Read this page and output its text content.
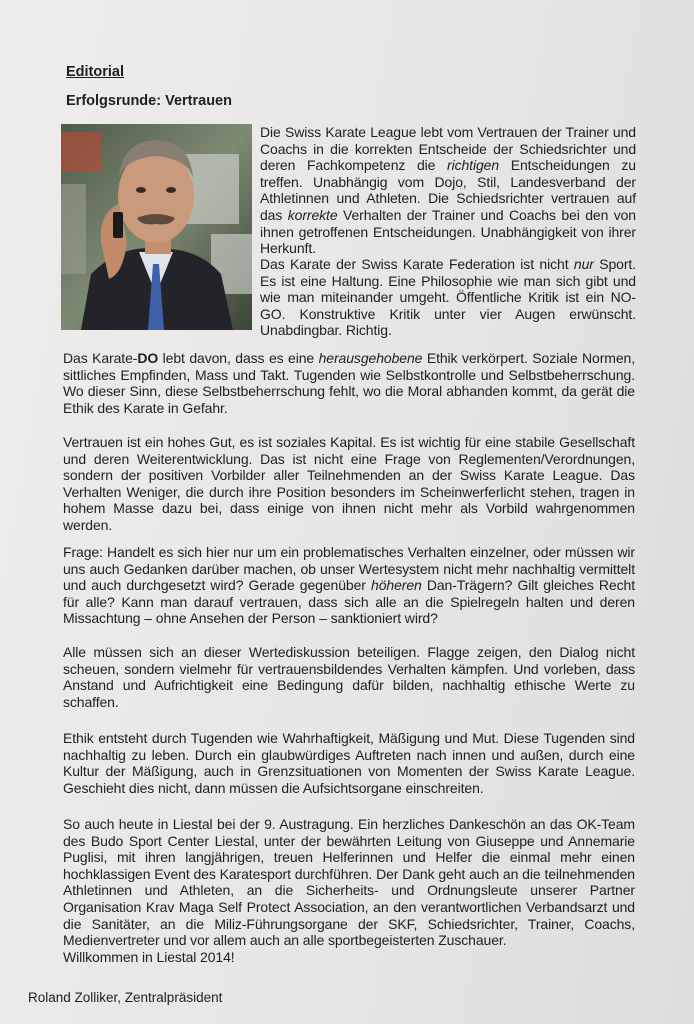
Editorial
Erfolgsrunde: Vertrauen

Die Swiss Karate League lebt vom Vertrauen der Trainer und Coachs in die korrekten Entscheide der Schiedsrichter und deren Fachkompetenz die richtigen Entscheidungen zu treffen. Unabhängig vom Dojo, Stil, Landesverband der Athletinnen und Athleten. Die Schiedsrichter vertrauen auf das korrekte Verhalten der Trainer und Coachs bei den von ihnen getroffenen Entscheidungen. Unabhängigkeit von ihrer Herkunft.

Das Karate der Swiss Karate Federation ist nicht nur Sport. Es ist eine Haltung. Eine Philosophie wie man sich gibt und wie man miteinander umgeht. Öffentliche Kritik ist ein NO-GO. Konstruktive Kritik unter vier Augen erwünscht. Unabdingbar. Richtig.

Das Karate-DO lebt davon, dass es eine herausgehobene Ethik verkörpert. Soziale Normen, sittliches Empfinden, Mass und Takt. Tugenden wie Selbstkontrolle und Selbstbeherrschung. Wo dieser Sinn, diese Selbstbeherrschung fehlt, wo die Moral abhanden kommt, da gerät die Ethik des Karate in Gefahr.

Vertrauen ist ein hohes Gut, es ist soziales Kapital. Es ist wichtig für eine stabile Gesellschaft und deren Weiterentwicklung. Das ist nicht eine Frage von Reglementen/Verordnungen, sondern der positiven Vorbilder aller Teilnehmenden an der Swiss Karate League. Das Verhalten Weniger, die durch ihre Position besonders im Scheinwerferlicht stehen, tragen in hohem Masse dazu bei, dass einige von ihnen nicht mehr als Vorbild wahrgenommen werden.

Frage: Handelt es sich hier nur um ein problematisches Verhalten einzelner, oder müssen wir uns auch Gedanken darüber machen, ob unser Wertesystem nicht mehr nachhaltig vermittelt und auch durchgesetzt wird? Gerade gegenüber höheren Dan-Trägern? Gilt gleiches Recht für alle? Kann man darauf vertrauen, dass sich alle an die Spielregeln halten und deren Missachtung – ohne Ansehen der Person – sanktioniert wird?

Alle müssen sich an dieser Wertediskussion beteiligen. Flagge zeigen, den Dialog nicht scheuen, sondern vielmehr für vertrauensbildendes Verhalten kämpfen. Und vorleben, dass Anstand und Aufrichtigkeit eine Bedingung dafür bilden, nachhaltig ethische Werte zu schaffen.

Ethik entsteht durch Tugenden wie Wahrhaftigkeit, Mäßigung und Mut. Diese Tugenden sind nachhaltig zu leben. Durch ein glaubwürdiges Auftreten nach innen und außen, durch eine Kultur der Mäßigung, auch in Grenzsituationen von Momenten der Swiss Karate League. Geschieht dies nicht, dann müssen die Aufsichtsorgane einschreiten.

So auch heute in Liestal bei der 9. Austragung. Ein herzliches Dankeschön an das OK-Team des Budo Sport Center Liestal, unter der bewährten Leitung von Giuseppe und Annemarie Puglisi, mit ihren langjährigen, treuen Helferinnen und Helfer die einmal mehr einen hochklassigen Event des Karatesport durchführen. Der Dank geht auch an die teilnehmenden Athletinnen und Athleten, an die Sicherheits- und Ordnungsleute unserer Partner Organisation Krav Maga Self Protect Association, an den verantwortlichen Verbandsarzt und die Sanitäter, an die Miliz-Führungsorgane der SKF, Schiedsrichter, Trainer, Coachs, Medienvertreter und vor allem auch an alle sportbegeisterten Zuschauer.
Willkommen in Liestal 2014!

Roland Zolliker, Zentralpräsident
